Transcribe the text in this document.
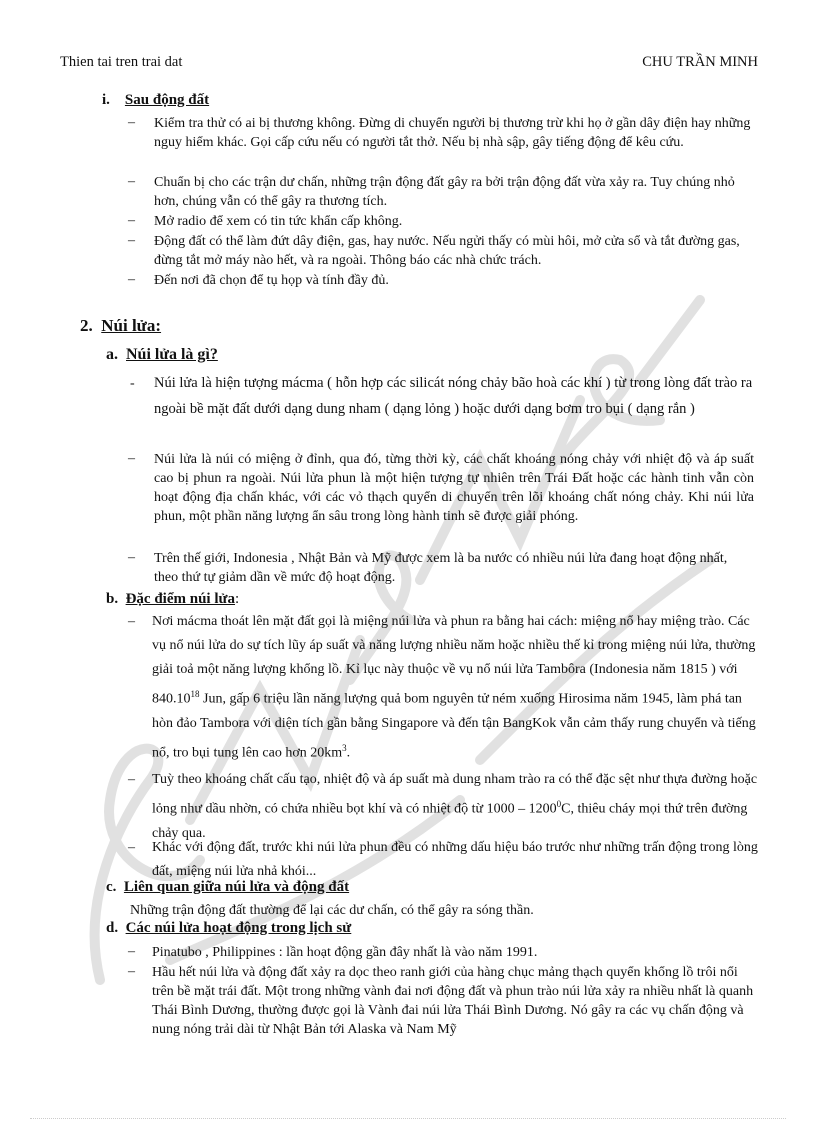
Thien tai tren trai dat	CHU TRẦN MINH
i. Sau động đất
– Kiểm tra thử có ai bị thương không. Đừng di chuyển người bị thương trừ khi họ ở gần dây điện hay những nguy hiểm khác. Gọi cấp cứu nếu có người tắt thở. Nếu bị nhà sập, gây tiếng động để kêu cứu.
– Chuẩn bị cho các trận dư chấn, những trận động đất gây ra bởi trận động đất vừa xảy ra. Tuy chúng nhỏ hơn, chúng vẫn có thể gây ra thương tích.
– Mở radio để xem có tin tức khẩn cấp không.
– Động đất có thể làm đứt dây điện, gas, hay nước. Nếu ngửi thấy có mùi hôi, mở cửa sổ và tắt đường gas, đừng tắt mở máy nào hết, và ra ngoài. Thông báo các nhà chức trách.
– Đến nơi đã chọn để tụ họp và tính đầy đủ.
2. Núi lửa:
a. Núi lửa là gì?
- Núi lửa là hiện tượng mácma ( hỗn hợp các silicát nóng chảy bão hoà các khí ) từ trong lòng đất trào ra ngoài bề mặt đất dưới dạng dung nham ( dạng lỏng ) hoặc dưới dạng bơm tro bụi ( dạng rắn )
– Núi lửa là núi có miệng ở đỉnh, qua đó, từng thời kỳ, các chất khoáng nóng chảy với nhiệt độ và áp suất cao bị phun ra ngoài. Núi lửa phun là một hiện tượng tự nhiên trên Trái Đất hoặc các hành tinh vẫn còn hoạt động địa chấn khác, với các vỏ thạch quyển di chuyển trên lõi khoáng chất nóng chảy. Khi núi lửa phun, một phần năng lượng ẩn sâu trong lòng hành tinh sẽ được giải phóng.
– Trên thế giới, Indonesia , Nhật Bản và Mỹ được xem là ba nước có nhiều núi lửa đang hoạt động nhất, theo thứ tự giảm dần về mức độ hoạt động.
b. Đặc điểm núi lửa:
– Nơi mácma thoát lên mặt đất gọi là miệng núi lửa và phun ra bằng hai cách: miệng nổ hay miệng trào. Các vụ nổ núi lửa do sự tích lũy áp suất và năng lượng nhiều năm hoặc nhiều thế kỉ trong miệng núi lửa, thường giải toả một năng lượng khổng lồ. Kỉ lục này thuộc về vụ nổ núi lửa Tambôra (Indonesia năm 1815 ) với 840.10$^{18}$ Jun, gấp 6 triệu lần năng lượng quả bom nguyên tử ném xuống Hirosima năm 1945, làm phá tan hòn đảo Tambora với diện tích gần bằng Singapore và đến tận BangKok vẫn cảm thấy rung chuyển và tiếng nổ, tro bụi tung lên cao hơn $20km^3$.
– Tuỳ theo khoáng chất cấu tạo, nhiệt độ và áp suất mà dung nham trào ra có thể đặc sệt như thựa đường hoặc lỏng như dầu nhờn, có chứa nhiều bọt khí và có nhiệt độ từ 1000 – 1200$^0$C, thiêu cháy mọi thứ trên đường chảy qua.
– Khác với động đất, trước khi núi lửa phun đều có những dấu hiệu báo trước như những trấn động trong lòng đất, miệng núi lửa nhả khói...
c. Liên quan giữa núi lửa và động đất
Những trận động đất thường để lại các dư chấn, có thể gây ra sóng thần.
d. Các núi lửa hoạt động trong lịch sử
– Pinatubo , Philippines : lần hoạt động gần đây nhất là vào năm 1991.
– Hầu hết núi lửa và động đất xảy ra dọc theo ranh giới của hàng chục mảng thạch quyển khổng lồ trôi nổi trên bề mặt trái đất. Một trong những vành đai nơi động đất và phun trào núi lửa xảy ra nhiều nhất là quanh Thái Bình Dương, thường được gọi là Vành đai núi lửa Thái Bình Dương. Nó gây ra các vụ chấn động và nung nóng trải dài từ Nhật Bản tới Alaska và Nam Mỹ
